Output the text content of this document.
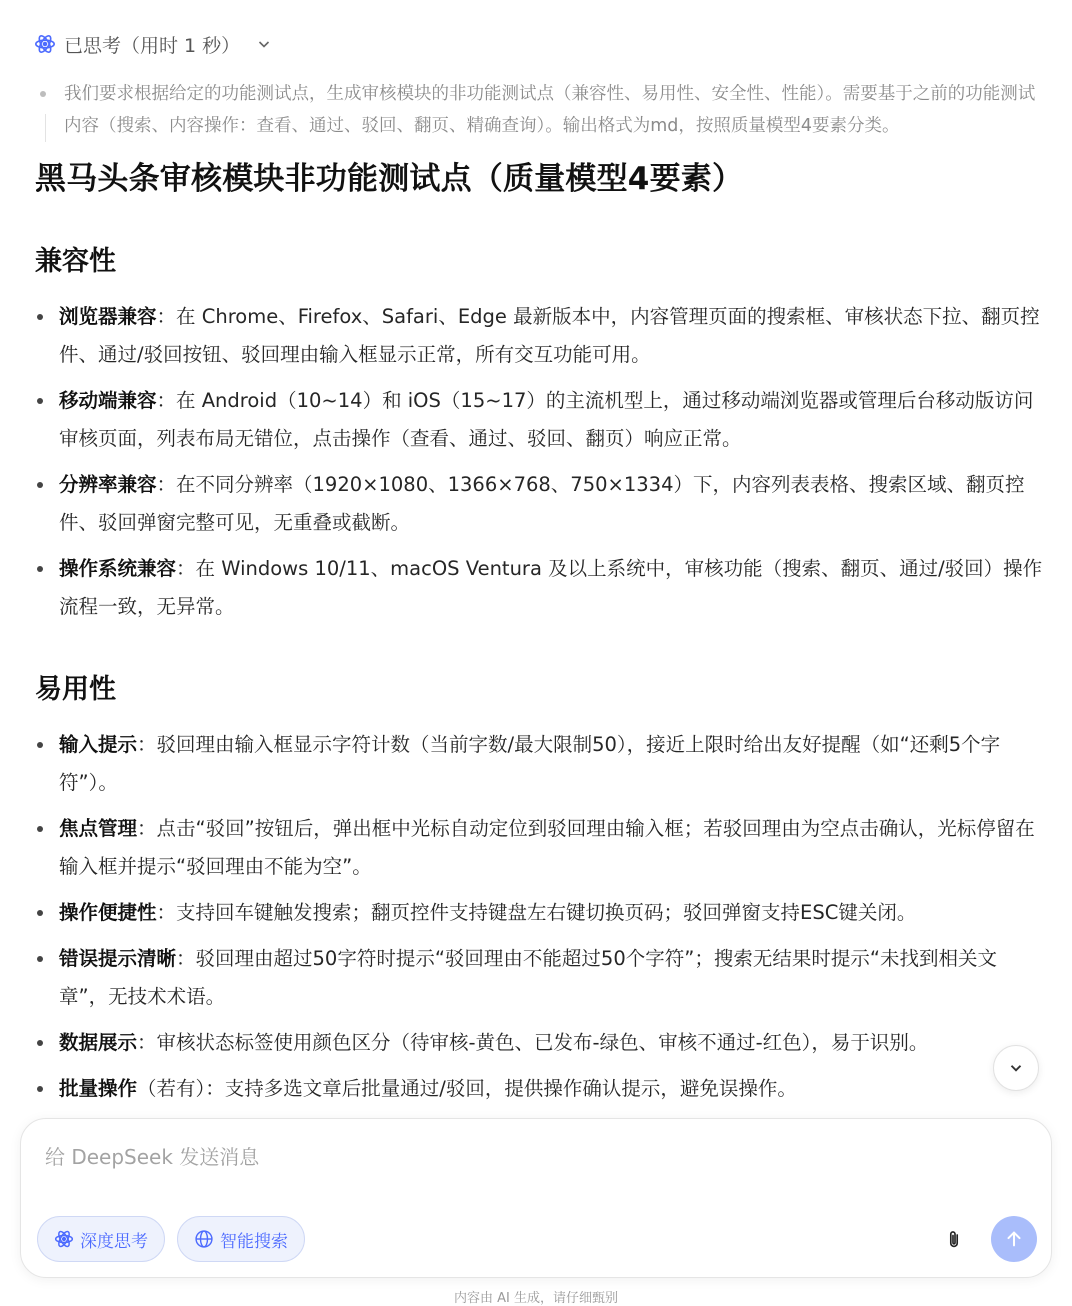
已思考（用时 1 秒）

我们要求根据给定的功能测试点，生成审核模块的非功能测试点（兼容性、易用性、安全性、性能）。需要基于之前的功能测试内容（搜索、内容操作：查看、通过、驳回、翻页、精确查询）。输出格式为md，按照质量模型4要素分类。

黑马头条审核模块非功能测试点（质量模型4要素）
兼容性
浏览器兼容：在 Chrome、Firefox、Safari、Edge 最新版本中，内容管理页面的搜索框、审核状态下拉、翻页控件、通过/驳回按钮、驳回理由输入框显示正常，所有交互功能可用。
移动端兼容：在 Android（10~14）和 iOS（15~17）的主流机型上，通过移动端浏览器或管理后台移动版访问审核页面，列表布局无错位，点击操作（查看、通过、驳回、翻页）响应正常。
分辨率兼容：在不同分辨率（1920×1080、1366×768、750×1334）下，内容列表表格、搜索区域、翻页控件、驳回弹窗完整可见，无重叠或截断。
操作系统兼容：在 Windows 10/11、macOS Ventura 及以上系统中，审核功能（搜索、翻页、通过/驳回）操作流程一致，无异常。
易用性
输入提示：驳回理由输入框显示字符计数（当前字数/最大限制50），接近上限时给出友好提醒（如“还剩5个字符”）。
焦点管理：点击“驳回”按钮后，弹出框中光标自动定位到驳回理由输入框；若驳回理由为空点击确认，光标停留在输入框并提示“驳回理由不能为空”。
操作便捷性：支持回车键触发搜索；翻页控件支持键盘左右键切换页码；驳回弹窗支持ESC键关闭。
错误提示清晰：驳回理由超过50字符时提示“驳回理由不能超过50个字符”；搜索无结果时提示“未找到相关文章”，无技术术语。
数据展示：审核状态标签使用颜色区分（待审核-黄色、已发布-绿色、审核不通过-红色），易于识别。
批量操作（若有）：支持多选文章后批量通过/驳回，提供操作确认提示，避免误操作。
给 DeepSeek 发送消息
深度思考	智能搜索
内容由 AI 生成，请仔细甄别
